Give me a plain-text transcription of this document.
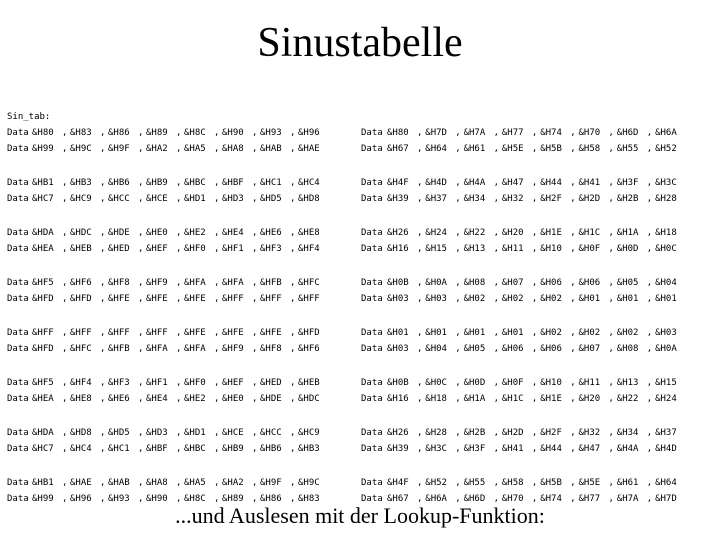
Sinustabelle
Sin_tab:
Data &H80 , &H83 , &H86 , &H89 , &H8C , &H90 , &H93 , &H96
Data &H99 , &H9C , &H9F , &HA2 , &HA5 , &HA8 , &HAB , &HAE
Data &HB1 , &HB3 , &HB6 , &HB9 , &HBC , &HBF , &HC1 , &HC4
Data &HC7 , &HC9 , &HCC , &HCE , &HD1 , &HD3 , &HD5 , &HD8
Data &HDA , &HDC , &HDE , &HE0 , &HE2 , &HE4 , &HE6 , &HE8
Data &HEA , &HEB , &HED , &HEF , &HF0 , &HF1 , &HF3 , &HF4
Data &HF5 , &HF6 , &HF8 , &HF9 , &HFA , &HFA , &HFB , &HFC
Data &HFD , &HFD , &HFE , &HFE , &HFE , &HFF , &HFF , &HFF
Data &HFF , &HFF , &HFF , &HFF , &HFE , &HFE , &HFE , &HFD
Data &HFD , &HFC , &HFB , &HFA , &HFA , &HF9 , &HF8 , &HF6
Data &HF5 , &HF4 , &HF3 , &HF1 , &HF0 , &HEF , &HED , &HEB
Data &HEA , &HE8 , &HE6 , &HE4 , &HE2 , &HE0 , &HDE , &HDC
Data &HDA , &HD8 , &HD5 , &HD3 , &HD1 , &HCE , &HCC , &HC9
Data &HC7 , &HC4 , &HC1 , &HBF , &HBC , &HB9 , &HB6 , &HB3
Data &HB1 , &HAE , &HAB , &HA8 , &HA5 , &HA2 , &H9F , &H9C
Data &H99 , &H96 , &H93 , &H90 , &H8C , &H89 , &H86 , &H83
Data &H80 , &H7D , &H7A , &H77 , &H74 , &H70 , &H6D , &H6A
Data &H67 , &H64 , &H61 , &H5E , &H5B , &H58 , &H55 , &H52
Data &H4F , &H4D , &H4A , &H47 , &H44 , &H41 , &H3F , &H3C
Data &H39 , &H37 , &H34 , &H32 , &H2F , &H2D , &H2B , &H28
Data &H26 , &H24 , &H22 , &H20 , &H1E , &H1C , &H1A , &H18
Data &H16 , &H15 , &H13 , &H11 , &H10 , &H0F , &H0D , &H0C
Data &H0B , &H0A , &H08 , &H07 , &H06 , &H06 , &H05 , &H04
Data &H03 , &H03 , &H02 , &H02 , &H02 , &H01 , &H01 , &H01
Data &H01 , &H01 , &H01 , &H01 , &H02 , &H02 , &H02 , &H03
Data &H03 , &H04 , &H05 , &H06 , &H06 , &H07 , &H08 , &H0A
Data &H0B , &H0C , &H0D , &H0F , &H10 , &H11 , &H13 , &H15
Data &H16 , &H18 , &H1A , &H1C , &H1E , &H20 , &H22 , &H24
Data &H26 , &H28 , &H2B , &H2D , &H2F , &H32 , &H34 , &H37
Data &H39 , &H3C , &H3F , &H41 , &H44 , &H47 , &H4A , &H4D
Data &H4F , &H52 , &H55 , &H58 , &H5B , &H5E , &H61 , &H64
Data &H67 , &H6A , &H6D , &H70 , &H74 , &H77 , &H7A , &H7D
...und Auslesen mit der Lookup-Funktion:
